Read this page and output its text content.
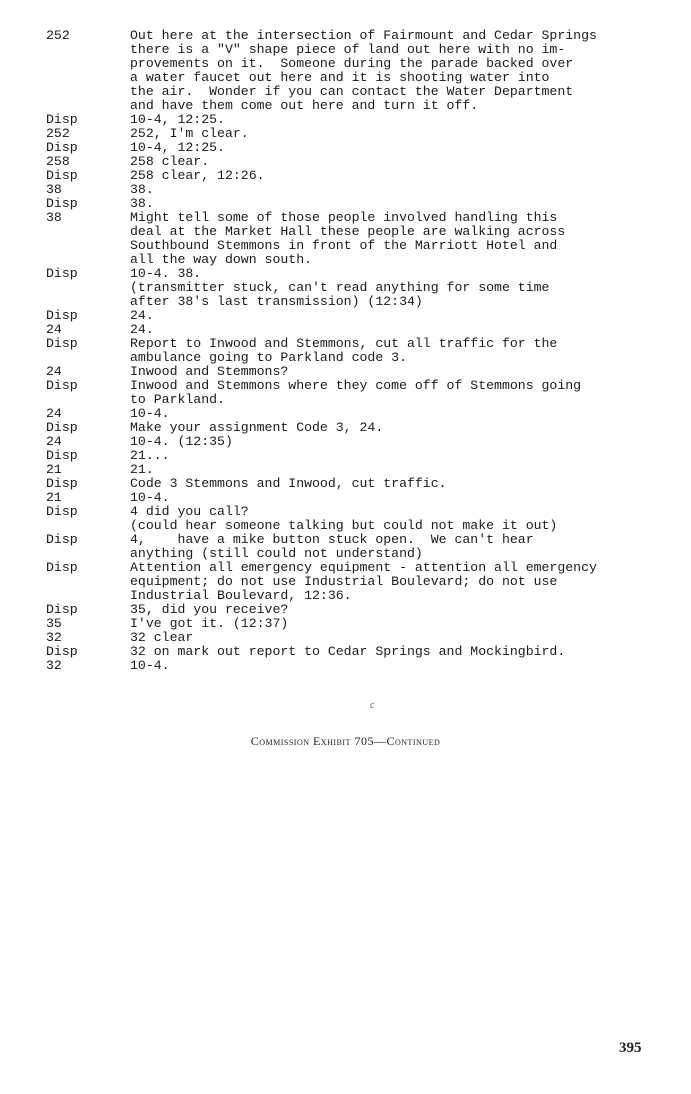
252	Out here at the intersection of Fairmount and Cedar Springs
there is a "V" shape piece of land out here with no im-
provements on it.  Someone during the parade backed over
a water faucet out here and it is shooting water into
the air.  Wonder if you can contact the Water Department
and have them come out here and turn it off.
Disp	10-4, 12:25.
252	252, I'm clear.
Disp	10-4, 12:25.
258	258 clear.
Disp	258 clear, 12:26.
38	38.
Disp	38.
38	Might tell some of those people involved handling this
deal at the Market Hall these people are walking across
Southbound Stemmons in front of the Marriott Hotel and
all the way down south.
Disp	10-4. 38.
(transmitter stuck, can't read anything for some time
after 38's last transmission) (12:34)
Disp	24.
24	24.
Disp	Report to Inwood and Stemmons, cut all traffic for the
ambulance going to Parkland code 3.
24	Inwood and Stemmons?
Disp	Inwood and Stemmons where they come off of Stemmons going
to Parkland.
24	10-4.
Disp	Make your assignment Code 3, 24.
24	10-4. (12:35)
Disp	21...
21	21.
Disp	Code 3 Stemmons and Inwood, cut traffic.
21	10-4.
Disp	4 did you call?
(could hear someone talking but could not make it out)
Disp	4,    have a mike button stuck open.  We can't hear
anything (still could not understand)
Disp	Attention all emergency equipment - attention all emergency
equipment; do not use Industrial Boulevard; do not use
Industrial Boulevard, 12:36.
Disp	35, did you receive?
35	I've got it. (12:37)
32	32 clear
Disp	32 on mark out report to Cedar Springs and Mockingbird.
32	10-4.
c
Commission Exhibit 705—Continued
395
